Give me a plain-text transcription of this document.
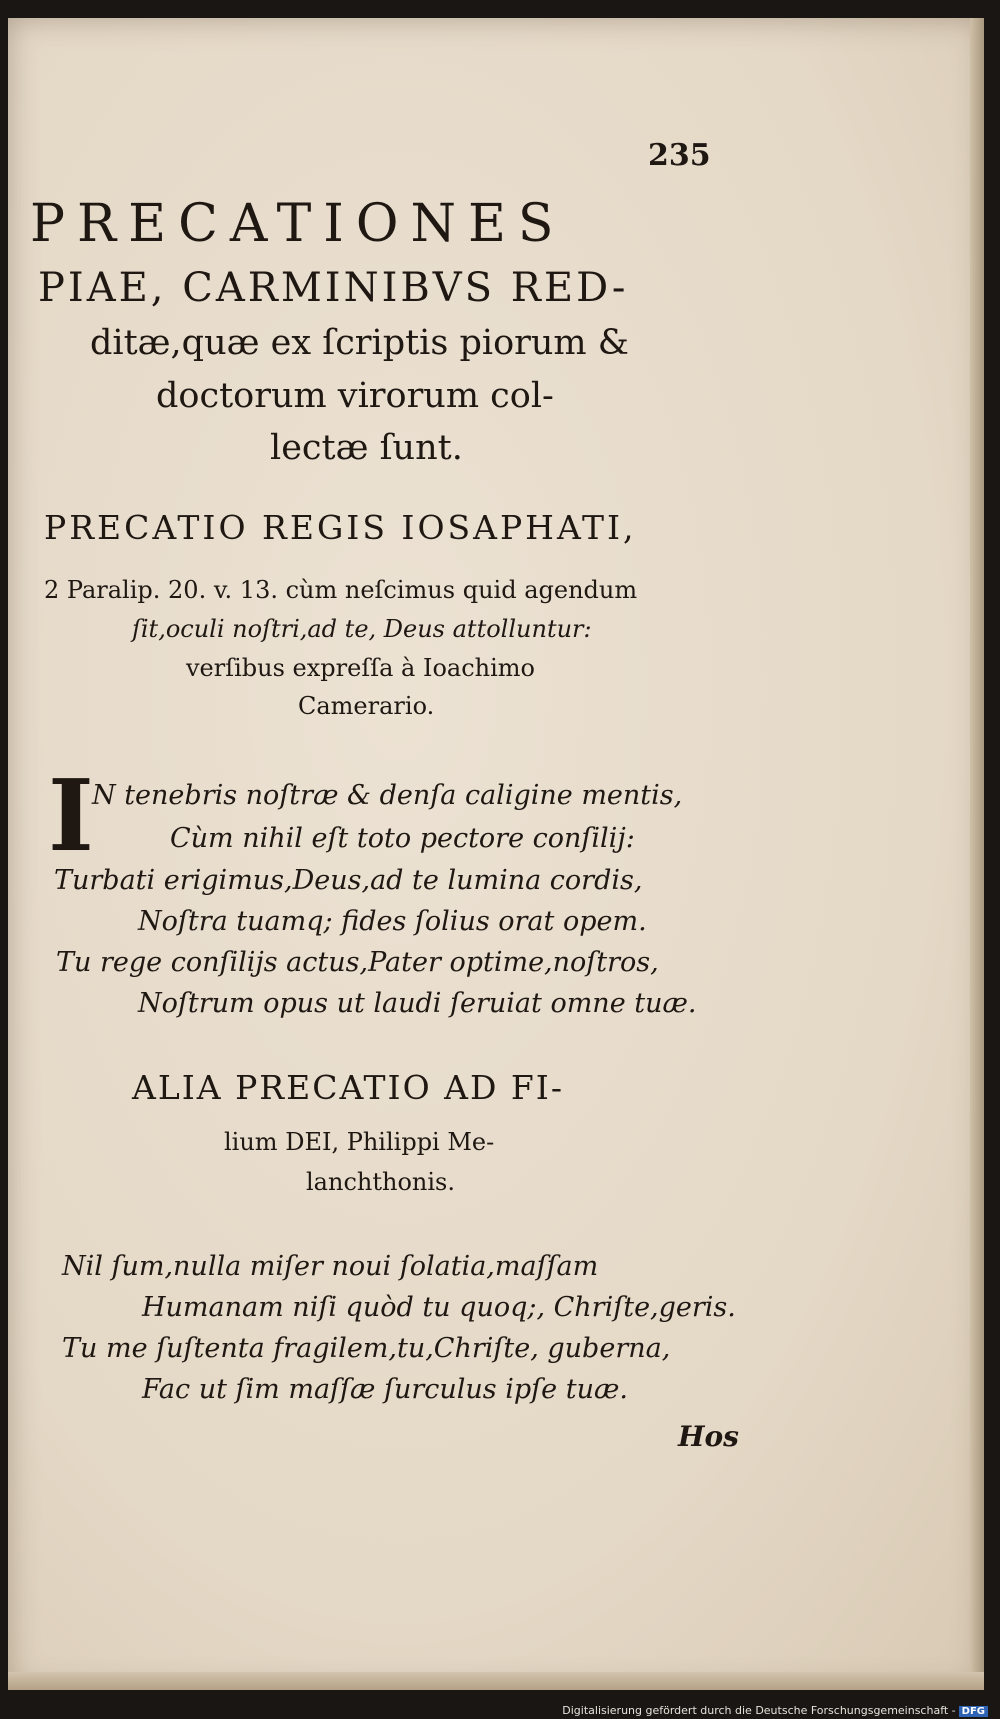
235
PRECATIONES
PIAE, CARMINIBVS RED-
ditæ,quæ ex ſcriptis piorum &
doctorum virorum col-
lectæ ſunt.
PRECATIO REGIS IOSAPHATI,
2 Paralip. 20. v. 13. cùm neſcimus quid agendum
ſit,oculi noſtri,ad te, Deus attolluntur:
verſibus expreſſa à Ioachimo
Camerario.
I
N tenebris noſtræ & denſa caligine mentis,
Cùm nihil eſt toto pectore conſilij:
Turbati erigimus,Deus,ad te lumina cordis,
Noſtra tuamq; fides ſolius orat opem.
Tu rege conſilijs actus,Pater optime,noſtros,
Noſtrum opus ut laudi ſeruiat omne tuæ.
ALIA PRECATIO AD FI-
lium DEI, Philippi Me-
lanchthonis.
Nil ſum,nulla miſer noui ſolatia,maſſam
Humanam niſi quòd tu quoq;, Chriſte,geris.
Tu me ſuſtenta fragilem,tu,Chriſte, guberna,
Fac ut ſim maſſæ ſurculus ipſe tuæ.
Hos
Digitalisierung gefördert durch die Deutsche Forschungsgemeinschaft - DFG
